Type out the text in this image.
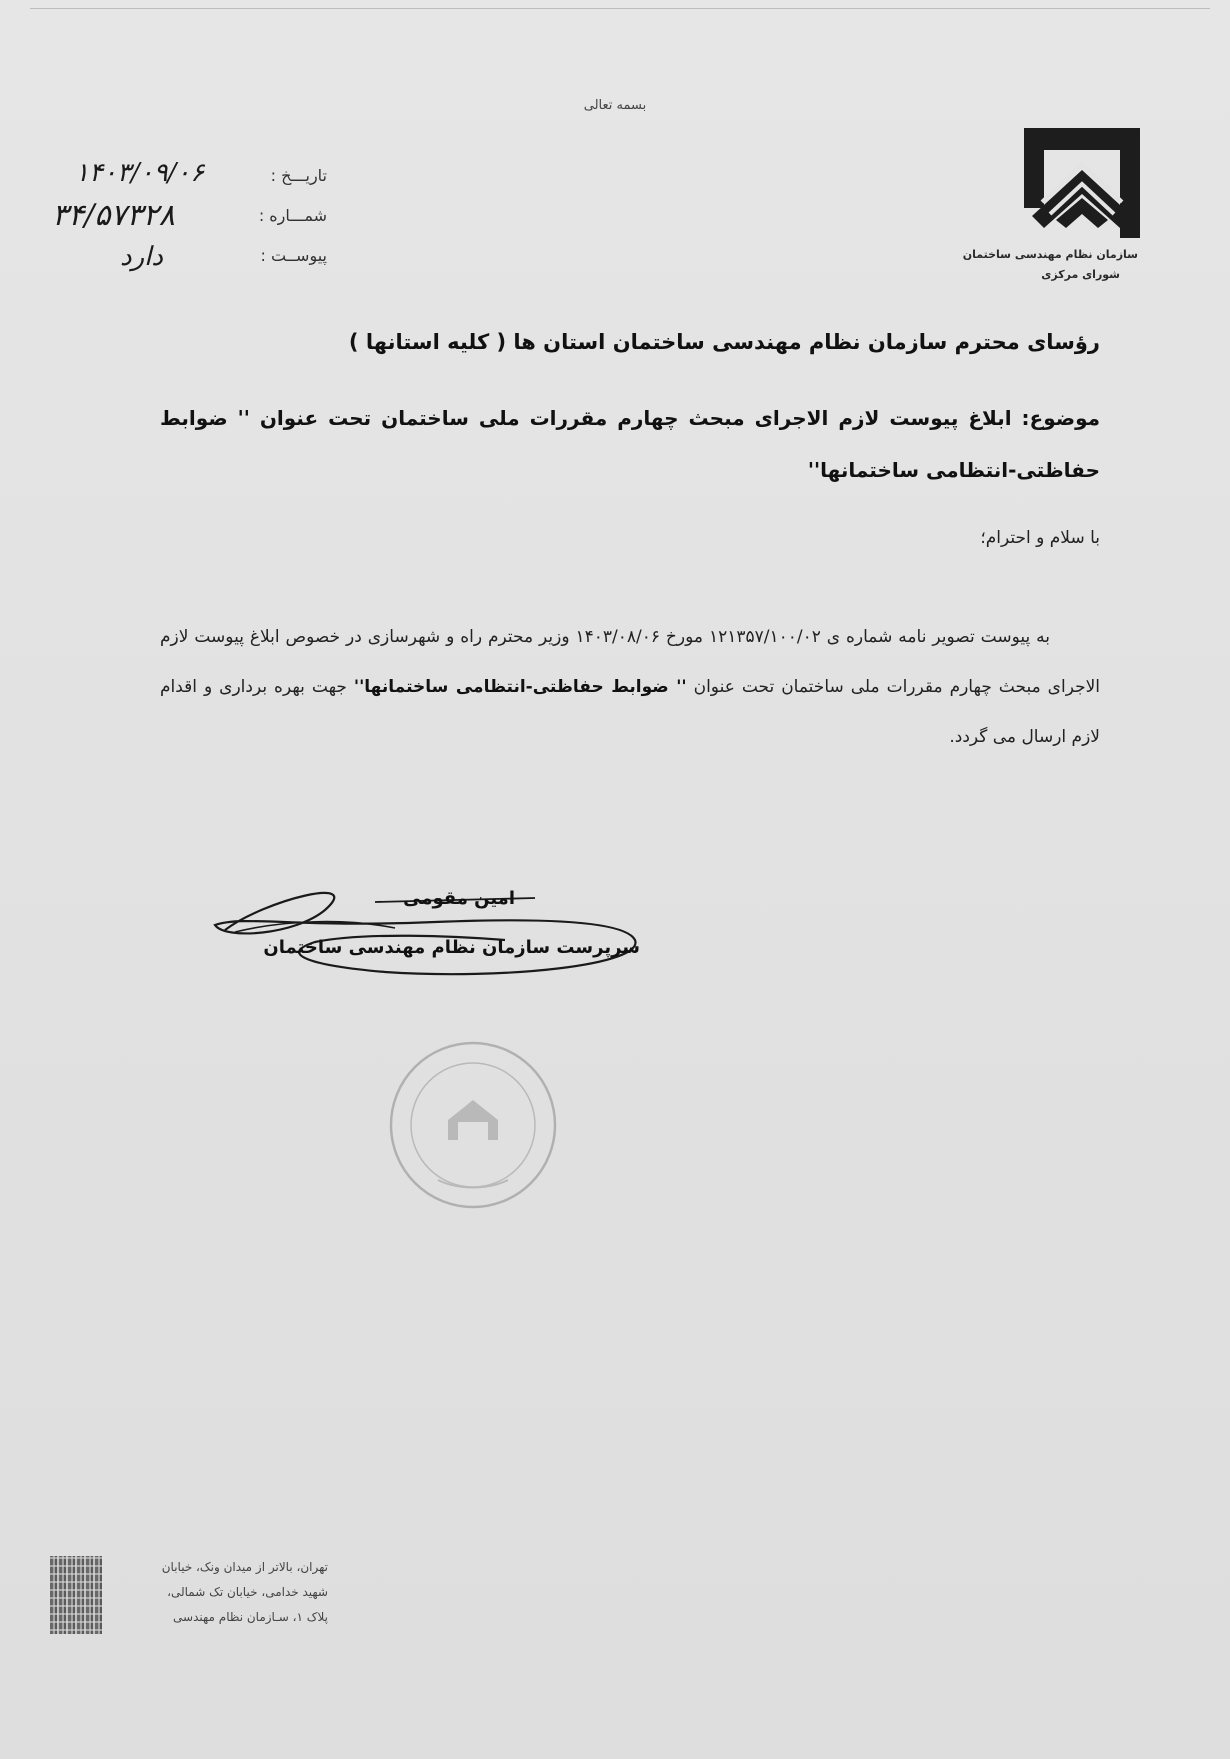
بسمه تعالی
سازمان نظام مهندسی ساختمان
شورای مرکزی
تاریـــخ :
شمـــاره :
پیوســت :
۱۴۰۳/۰۹/۰۶
۳۴/۵۷۳۲۸
دارد
رؤسای محترم سازمان نظام مهندسی ساختمان استان ها ( کلیه استانها )
موضوع: ابلاغ پیوست لازم الاجرای مبحث چهارم مقررات ملی ساختمان تحت عنوان '' ضوابط حفاظتی-انتظامی ساختمانها''
با سلام و احترام؛
به پیوست تصویر نامه شماره ی ۱۲۱۳۵۷/۱۰۰/۰۲ مورخ ۱۴۰۳/۰۸/۰۶ وزیر محترم راه و شهرسازی در خصوص ابلاغ پیوست لازم الاجرای مبحث چهارم مقررات ملی ساختمان تحت عنوان '' ضوابط حفاظتی-انتظامی ساختمانها'' جهت بهره برداری و اقدام لازم ارسال می گردد.
امین مقومی
سرپرست سازمان نظام مهندسی ساختمان
تهران، بالاتر از میدان ونک، خیابان
شهید خدامی، خیابان تک شمالی،
پلاک ۱، سـازمان نظام مهندسی
